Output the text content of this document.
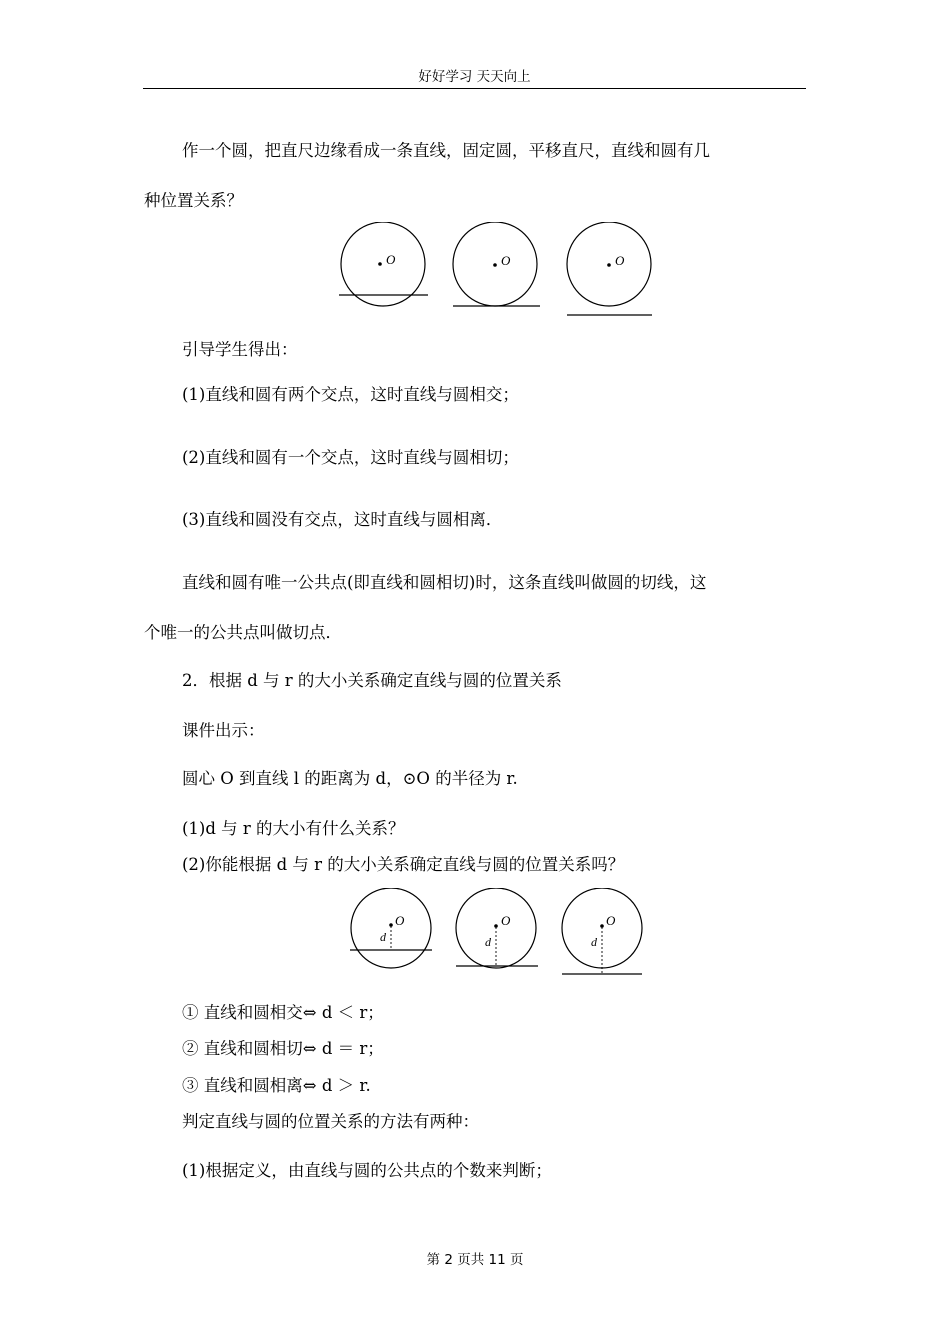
好好学习 天天向上
作一个圆，把直尺边缘看成一条直线，固定圆，平移直尺，直线和圆有几
种位置关系？
O	O	O
引导学生得出：
(1)直线和圆有两个交点，这时直线与圆相交；
(2)直线和圆有一个交点，这时直线与圆相切；
(3)直线和圆没有交点，这时直线与圆相离．
直线和圆有唯一公共点(即直线和圆相切)时，这条直线叫做圆的切线，这
个唯一的公共点叫做切点．
2．根据 d 与 r 的大小关系确定直线与圆的位置关系
课件出示：
圆心 O 到直线 l 的距离为 d，⊙O 的半径为 r.
(1)d 与 r 的大小有什么关系？
(2)你能根据 d 与 r 的大小关系确定直线与圆的位置关系吗？
O
d
O
d
O
d
① 直线和圆相交⇔ d ＜ r；
② 直线和圆相切⇔ d ＝ r；
③ 直线和圆相离⇔ d ＞ r.
判定直线与圆的位置关系的方法有两种：
(1)根据定义，由直线与圆的公共点的个数来判断；
第 2 页共 11 页
